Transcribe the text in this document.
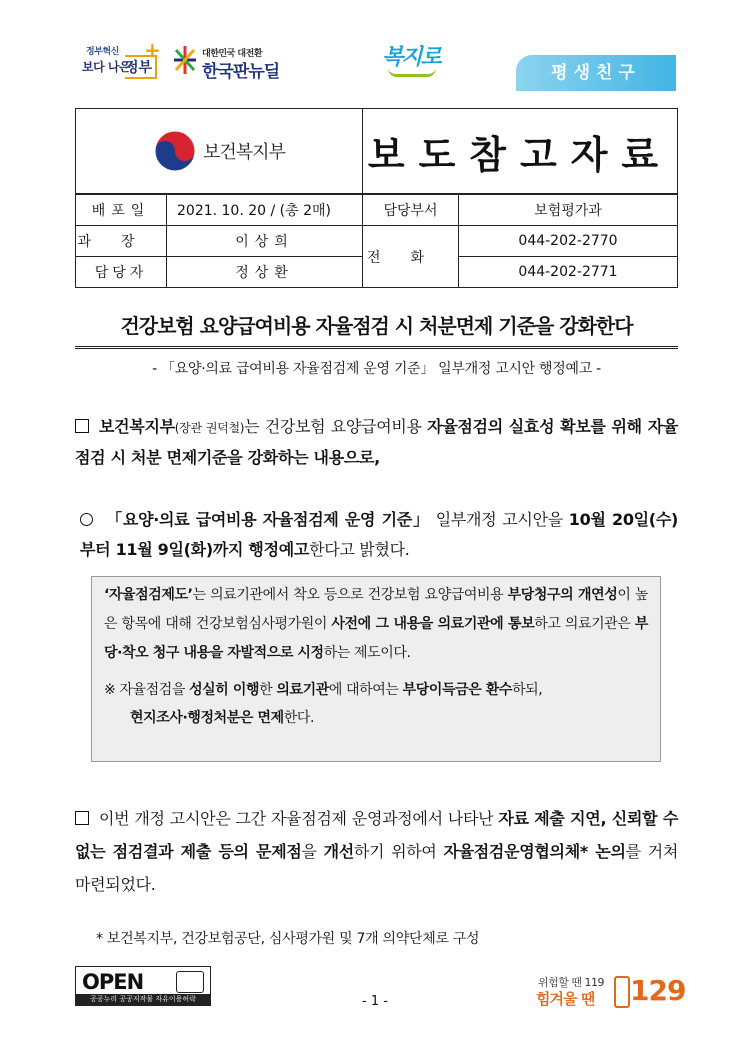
정부혁신
보다 나은
정부
+	대한민국 대전환
한국판뉴딜
복지로
평생친구
보건복지부		보도참고자료	
배포일	2021. 10. 20 / (총 2매)	담당부서	보험평가과
과장	이상희	전화	044-202-2770
담당자	정상환		044-202-2771
건강보험 요양급여비용 자율점검 시 처분면제 기준을 강화한다
- 「요양·의료 급여비용 자율점검제 운영 기준」 일부개정 고시안 행정예고 -
보건복지부(장관 권덕철)는 건강보험 요양급여비용 자율점검의 실효성 확보를 위해 자율점검 시 처분 면제기준을 강화하는 내용으로,
「요양·의료 급여비용 자율점검제 운영 기준」 일부개정 고시안을 10월 20일(수)부터 11월 9일(화)까지 행정예고한다고 밝혔다.
‘자율점검제도’는 의료기관에서 착오 등으로 건강보험 요양급여비용 부당청구의 개연성이 높은 항목에 대해 건강보험심사평가원이 사전에 그 내용을 의료기관에 통보하고 의료기관은 부당·착오 청구 내용을 자발적으로 시정하는 제도이다.
※ 자율점검을 성실히 이행한 의료기관에 대하여는 부당이득금은 환수하되,
현지조사·행정처분은 면제한다.
이번 개정 고시안은 그간 자율점검제 운영과정에서 나타난 자료 제출 지연, 신뢰할 수 없는 점검결과 제출 등의 문제점을 개선하기 위하여 자율점검운영협의체* 논의를 거쳐 마련되었다.
* 보건복지부, 건강보험공단, 심사평가원 및 7개 의약단체로 구성
OPEN
공공누리 공공저작물 자유이용허락	- 1 -
위험할 땐 119
힘겨울 땐 129
